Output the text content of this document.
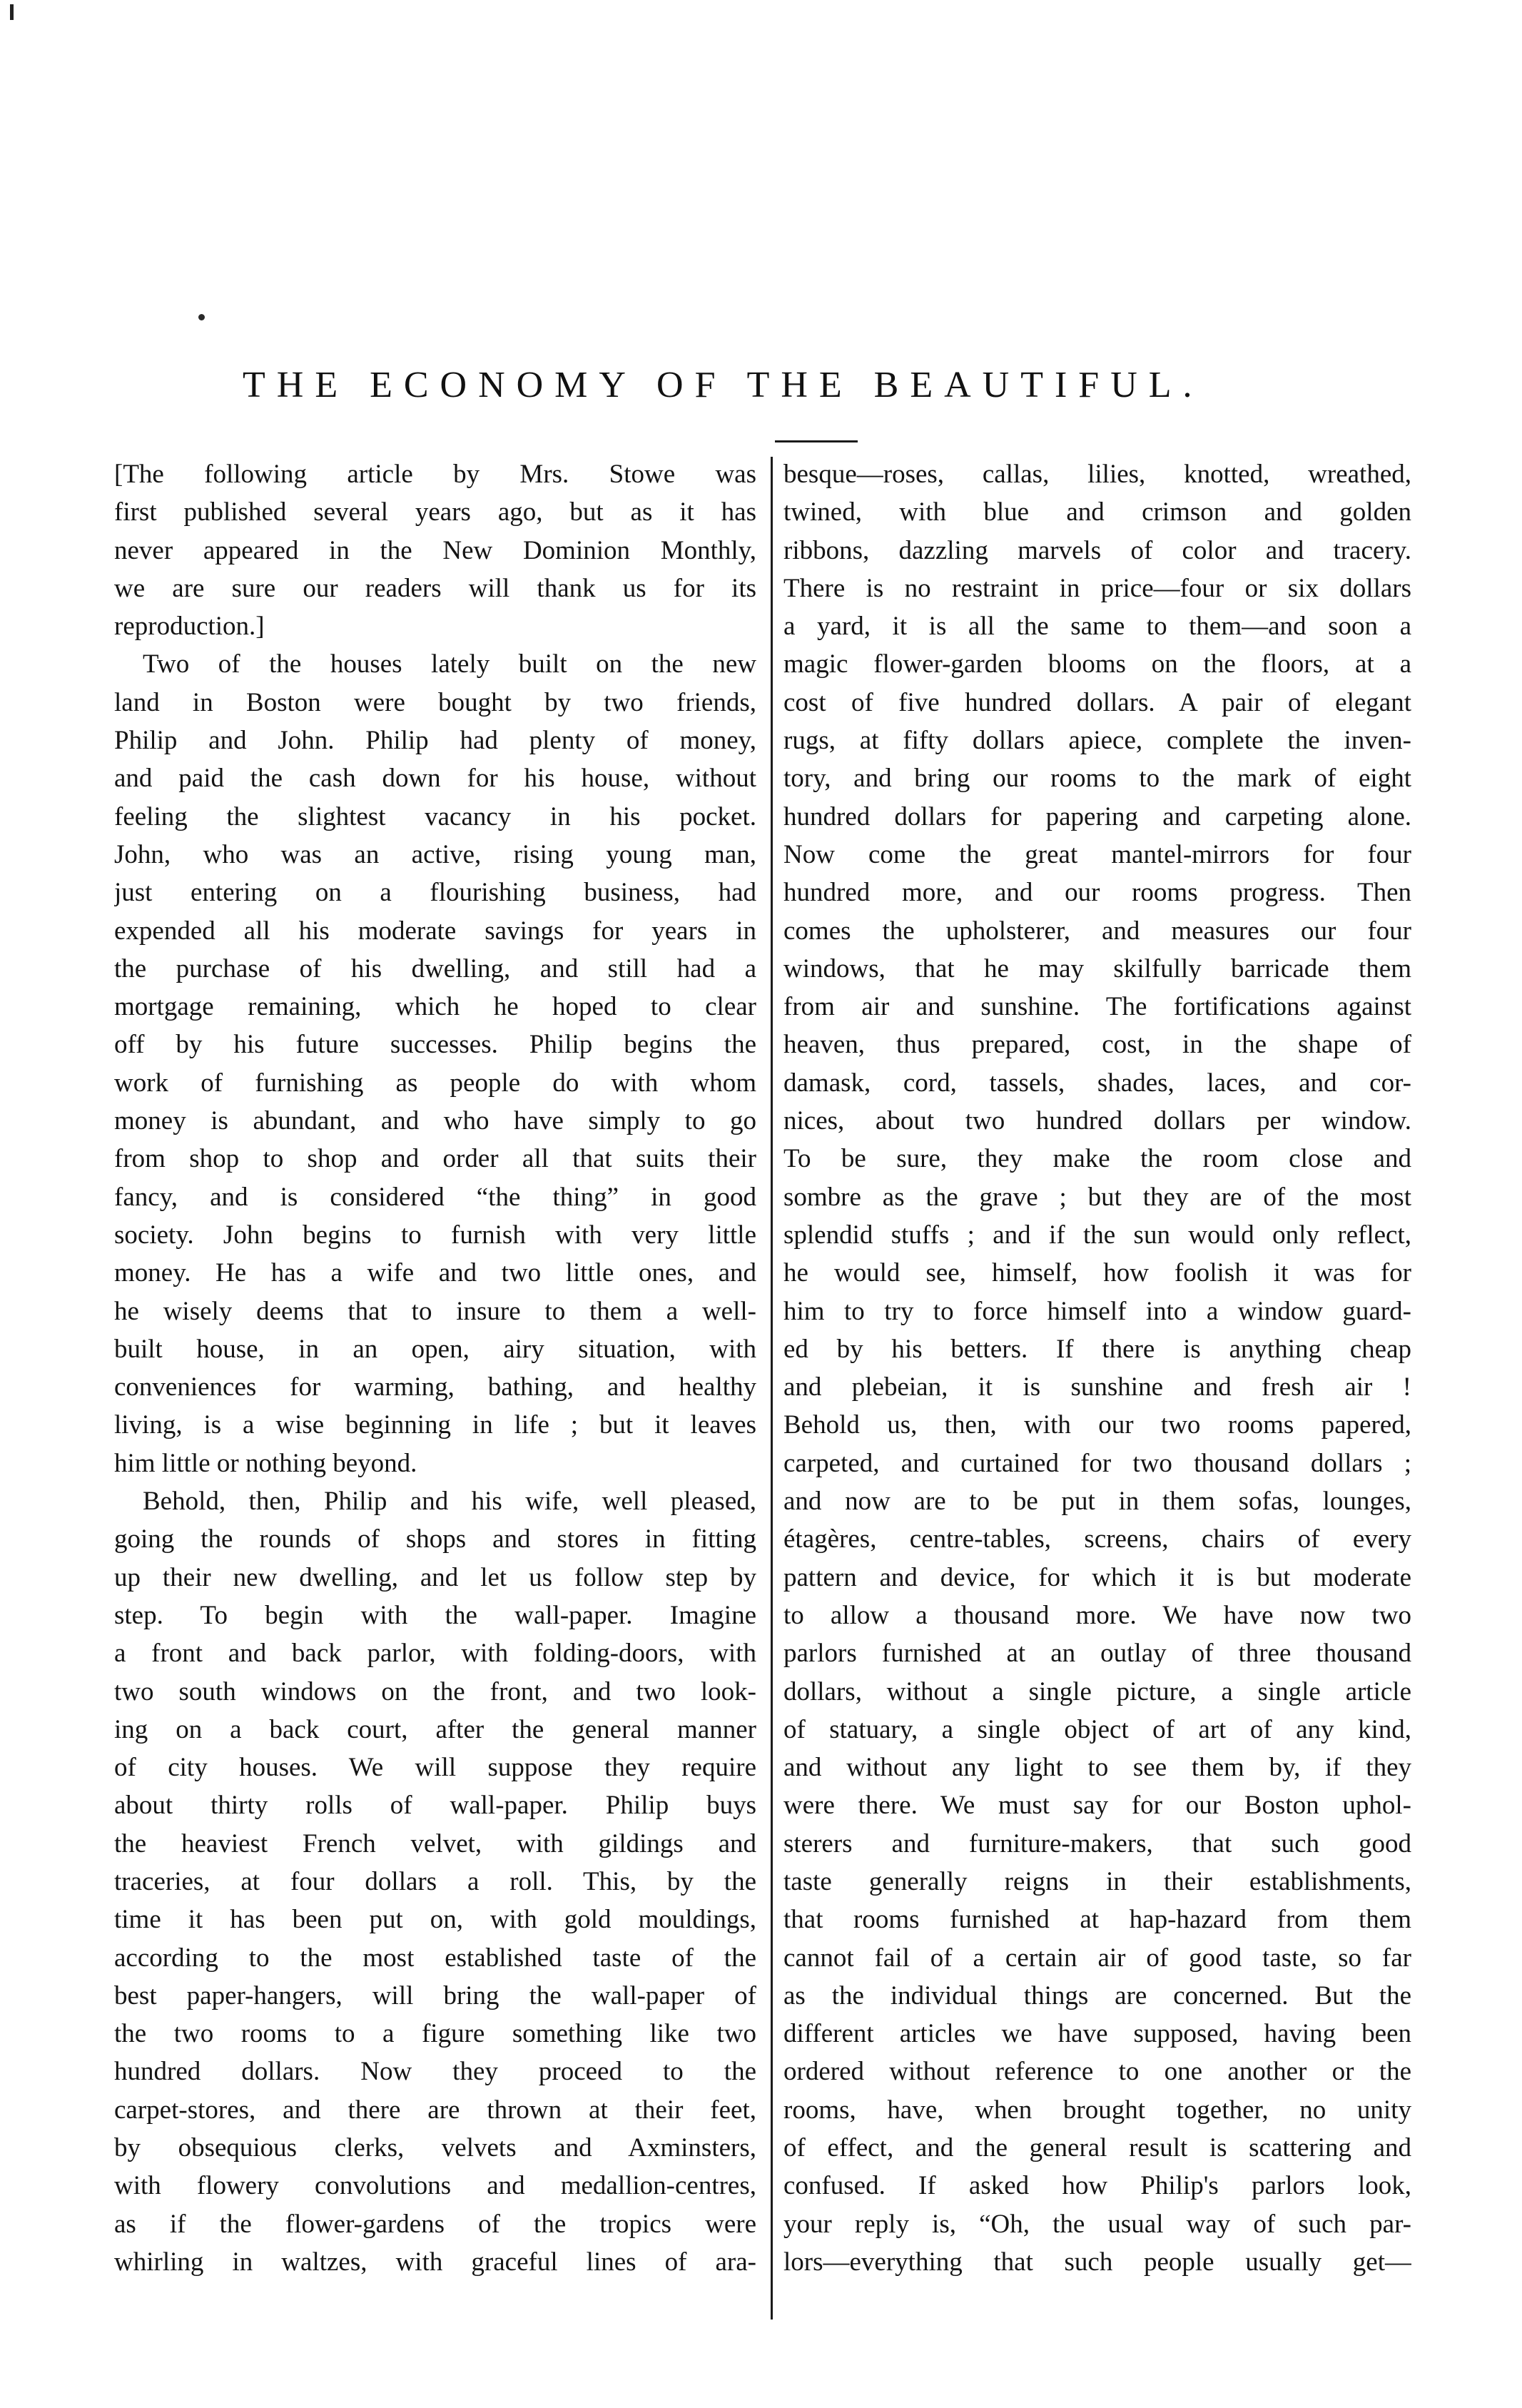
THE ECONOMY OF THE BEAUTIFUL.
[The following article by Mrs. Stowe was
first published several years ago, but as it has
never appeared in the New Dominion Monthly,
we are sure our readers will thank us for its
reproduction.]
Two of the houses lately built on the new
land in Boston were bought by two friends,
Philip and John. Philip had plenty of money,
and paid the cash down for his house, without
feeling the slightest vacancy in his pocket.
John, who was an active, rising young man,
just entering on a flourishing business, had
expended all his moderate savings for years in
the purchase of his dwelling, and still had a
mortgage remaining, which he hoped to clear
off by his future successes. Philip begins the
work of furnishing as people do with whom
money is abundant, and who have simply to go
from shop to shop and order all that suits their
fancy, and is considered “the thing” in good
society. John begins to furnish with very little
money. He has a wife and two little ones, and
he wisely deems that to insure to them a well-
built house, in an open, airy situation, with
conveniences for warming, bathing, and healthy
living, is a wise beginning in life ; but it leaves
him little or nothing beyond.
Behold, then, Philip and his wife, well pleased,
going the rounds of shops and stores in fitting
up their new dwelling, and let us follow step by
step. To begin with the wall-paper. Imagine
a front and back parlor, with folding-doors, with
two south windows on the front, and two look-
ing on a back court, after the general manner
of city houses. We will suppose they require
about thirty rolls of wall-paper. Philip buys
the heaviest French velvet, with gildings and
traceries, at four dollars a roll. This, by the
time it has been put on, with gold mouldings,
according to the most established taste of the
best paper-hangers, will bring the wall-paper of
the two rooms to a figure something like two
hundred dollars. Now they proceed to the
carpet-stores, and there are thrown at their feet,
by obsequious clerks, velvets and Axminsters,
with flowery convolutions and medallion-centres,
as if the flower-gardens of the tropics were
whirling in waltzes, with graceful lines of ara-
besque—roses, callas, lilies, knotted, wreathed,
twined, with blue and crimson and golden
ribbons, dazzling marvels of color and tracery.
There is no restraint in price—four or six dollars
a yard, it is all the same to them—and soon a
magic flower-garden blooms on the floors, at a
cost of five hundred dollars. A pair of elegant
rugs, at fifty dollars apiece, complete the inven-
tory, and bring our rooms to the mark of eight
hundred dollars for papering and carpeting alone.
Now come the great mantel-mirrors for four
hundred more, and our rooms progress. Then
comes the upholsterer, and measures our four
windows, that he may skilfully barricade them
from air and sunshine. The fortifications against
heaven, thus prepared, cost, in the shape of
damask, cord, tassels, shades, laces, and cor-
nices, about two hundred dollars per window.
To be sure, they make the room close and
sombre as the grave ; but they are of the most
splendid stuffs ; and if the sun would only reflect,
he would see, himself, how foolish it was for
him to try to force himself into a window guard-
ed by his betters. If there is anything cheap
and plebeian, it is sunshine and fresh air !
Behold us, then, with our two rooms papered,
carpeted, and curtained for two thousand dollars ;
and now are to be put in them sofas, lounges,
étagères, centre-tables, screens, chairs of every
pattern and device, for which it is but moderate
to allow a thousand more. We have now two
parlors furnished at an outlay of three thousand
dollars, without a single picture, a single article
of statuary, a single object of art of any kind,
and without any light to see them by, if they
were there. We must say for our Boston uphol-
sterers and furniture-makers, that such good
taste generally reigns in their establishments,
that rooms furnished at hap-hazard from them
cannot fail of a certain air of good taste, so far
as the individual things are concerned. But the
different articles we have supposed, having been
ordered without reference to one another or the
rooms, have, when brought together, no unity
of effect, and the general result is scattering and
confused. If asked how Philip's parlors look,
your reply is, “Oh, the usual way of such par-
lors—everything that such people usually get—
